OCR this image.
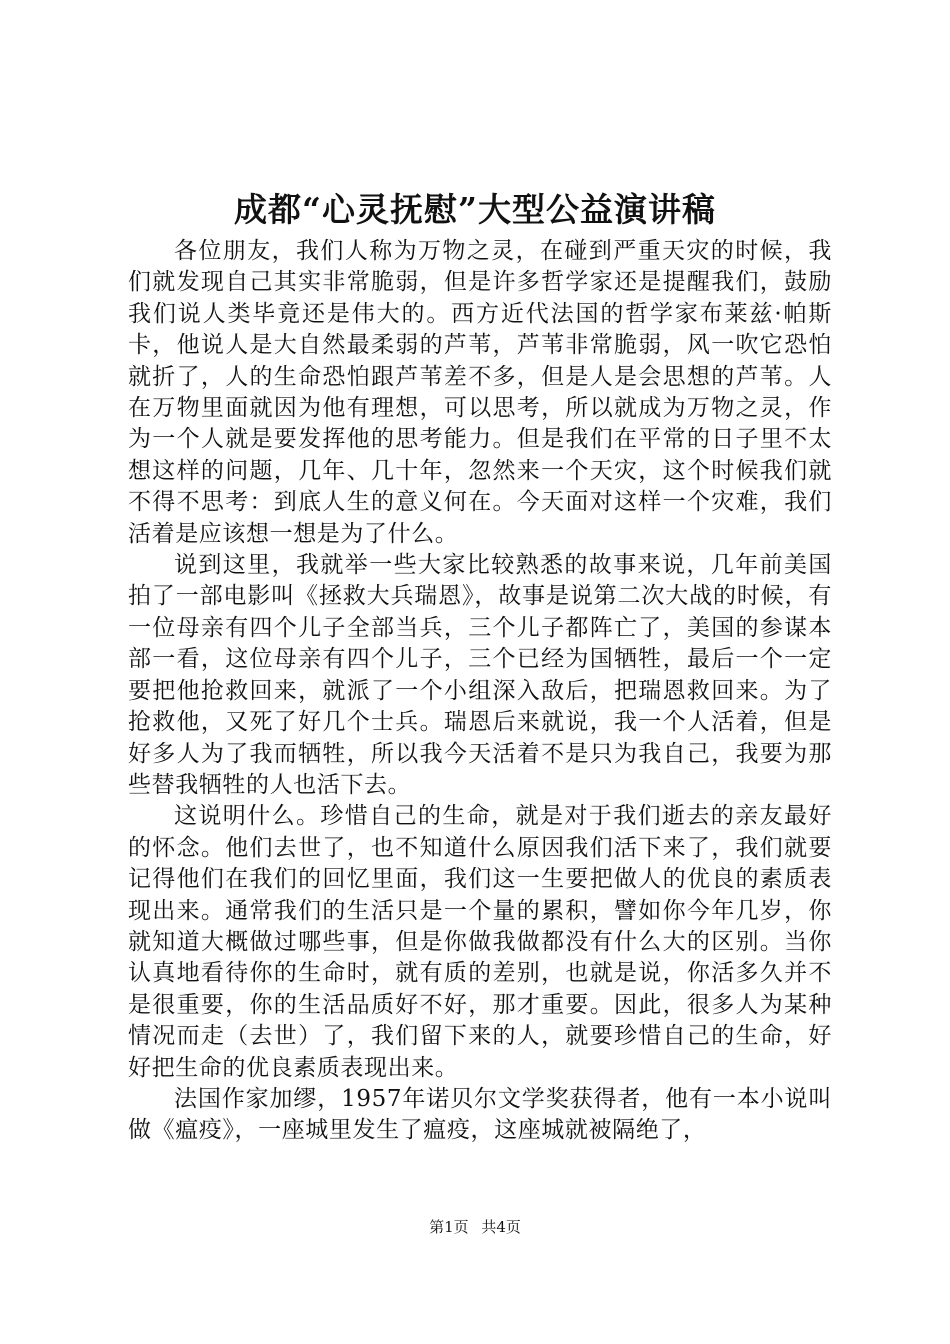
成都“心灵抚慰”大型公益演讲稿

各位朋友，我们人称为万物之灵，在碰到严重天灾的时候，我们就发现自己其实非常脆弱，但是许多哲学家还是提醒我们，鼓励我们说人类毕竟还是伟大的。西方近代法国的哲学家布莱兹·帕斯卡，他说人是大自然最柔弱的芦苇，芦苇非常脆弱，风一吹它恐怕就折了，人的生命恐怕跟芦苇差不多，但是人是会思想的芦苇。人在万物里面就因为他有理想，可以思考，所以就成为万物之灵，作为一个人就是要发挥他的思考能力。但是我们在平常的日子里不太想这样的问题，几年、几十年，忽然来一个天灾，这个时候我们就不得不思考：到底人生的意义何在。今天面对这样一个灾难，我们活着是应该想一想是为了什么。

说到这里，我就举一些大家比较熟悉的故事来说，几年前美国拍了一部电影叫《拯救大兵瑞恩》，故事是说第二次大战的时候，有一位母亲有四个儿子全部当兵，三个儿子都阵亡了，美国的参谋本部一看，这位母亲有四个儿子，三个已经为国牺牲，最后一个一定要把他抢救回来，就派了一个小组深入敌后，把瑞恩救回来。为了抢救他，又死了好几个士兵。瑞恩后来就说，我一个人活着，但是好多人为了我而牺牲，所以我今天活着不是只为我自己，我要为那些替我牺牲的人也活下去。

这说明什么。珍惜自己的生命，就是对于我们逝去的亲友最好的怀念。他们去世了，也不知道什么原因我们活下来了，我们就要记得他们在我们的回忆里面，我们这一生要把做人的优良的素质表现出来。通常我们的生活只是一个量的累积，譬如你今年几岁，你就知道大概做过哪些事，但是你做我做都没有什么大的区别。当你认真地看待你的生命时，就有质的差别，也就是说，你活多久并不是很重要，你的生活品质好不好，那才重要。因此，很多人为某种情况而走（去世）了，我们留下来的人，就要珍惜自己的生命，好好把生命的优良素质表现出来。

法国作家加缪，1957年诺贝尔文学奖获得者，他有一本小说叫做《瘟疫》，一座城里发生了瘟疫，这座城就被隔绝了，

第1页 共4页
